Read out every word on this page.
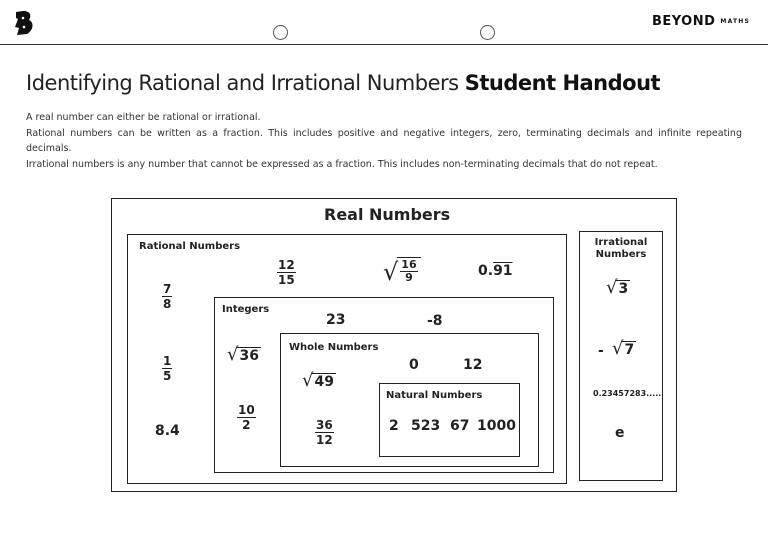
BEYOND MATHS
Identifying Rational and Irrational Numbers Student Handout

A real number can either be rational or irrational.

Rational numbers can be written as a fraction. This includes positive and negative integers, zero, terminating decimals and infinite repeating decimals.

Irrational numbers is any number that cannot be expressed as a fraction. This includes non-terminating decimals that do not repeat.

Real Numbers
Rational Numbers	Irrational
Numbers
Integers
Whole Numbers
Natural Numbers
$\frac{7}{8}$
$\frac{12}{15}$	√ 16
9	0.91
$\frac{1}{5}$
8.4
23	-8
√ 36
$\frac{10}{2}$
0	12
√ 49
$\frac{36}{12}$	2 523 67 1000
√ 3
- √ 7
0.23457283.....
e
